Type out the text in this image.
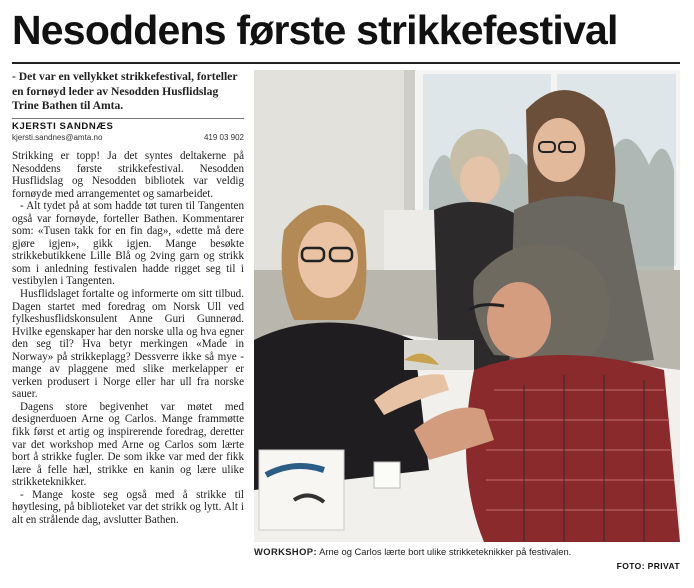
Nesoddens første strikkefestival
- Det var en vellykket strikkefestival, forteller en fornøyd leder av Nesodden Husflidslag Trine Bathen til Amta.
KJERSTI SANDNÆS
kjersti.sandnes@amta.no	419 03 902

Strikking er topp! Ja det syntes deltakerne på Nesoddens første strikkefestival. Nesodden Husflidslag og Nesodden bibliotek var veldig fornøyde med arrangementet og samarbeidet.

- Alt tydet på at som hadde tøt turen til Tangenten også var fornøyde, forteller Bathen. Kommentarer som: «Tusen takk for en fin dag», «dette må dere gjøre igjen», gikk igjen. Mange besøkte strikkebutikkene Lille Blå og 2ving garn og strikk som i anledning festivalen hadde rigget seg til i vestibylen i Tangenten.

Husflidslaget fortalte og informerte om sitt tilbud. Dagen startet med foredrag om Norsk Ull ved fylkeshusflidskonsulent Anne Guri Gunnerød. Hvilke egenskaper har den norske ulla og hva egner den seg til? Hva betyr merkingen «Made in Norway» på strikkeplagg? Dessverre ikke så mye - mange av plaggene med slike merkelapper er verken produsert i Norge eller har ull fra norske sauer.

Dagens store begivenhet var møtet med designerduoen Arne og Carlos. Mange frammøtte fikk først et artig og inspirerende foredrag, deretter var det workshop med Arne og Carlos som lærte bort å strikke fugler. De som ikke var med der fikk lære å felle hæl, strikke en kanin og lære ulike strikketeknikker.

- Mange koste seg også med å strikke til høytlesing, på biblioteket var det strikk og lytt. Alt i alt en strålende dag, avslutter Bathen.

WORKSHOP: Arne og Carlos lærte bort ulike strikketeknikker på festivalen.
FOTO: PRIVAT
